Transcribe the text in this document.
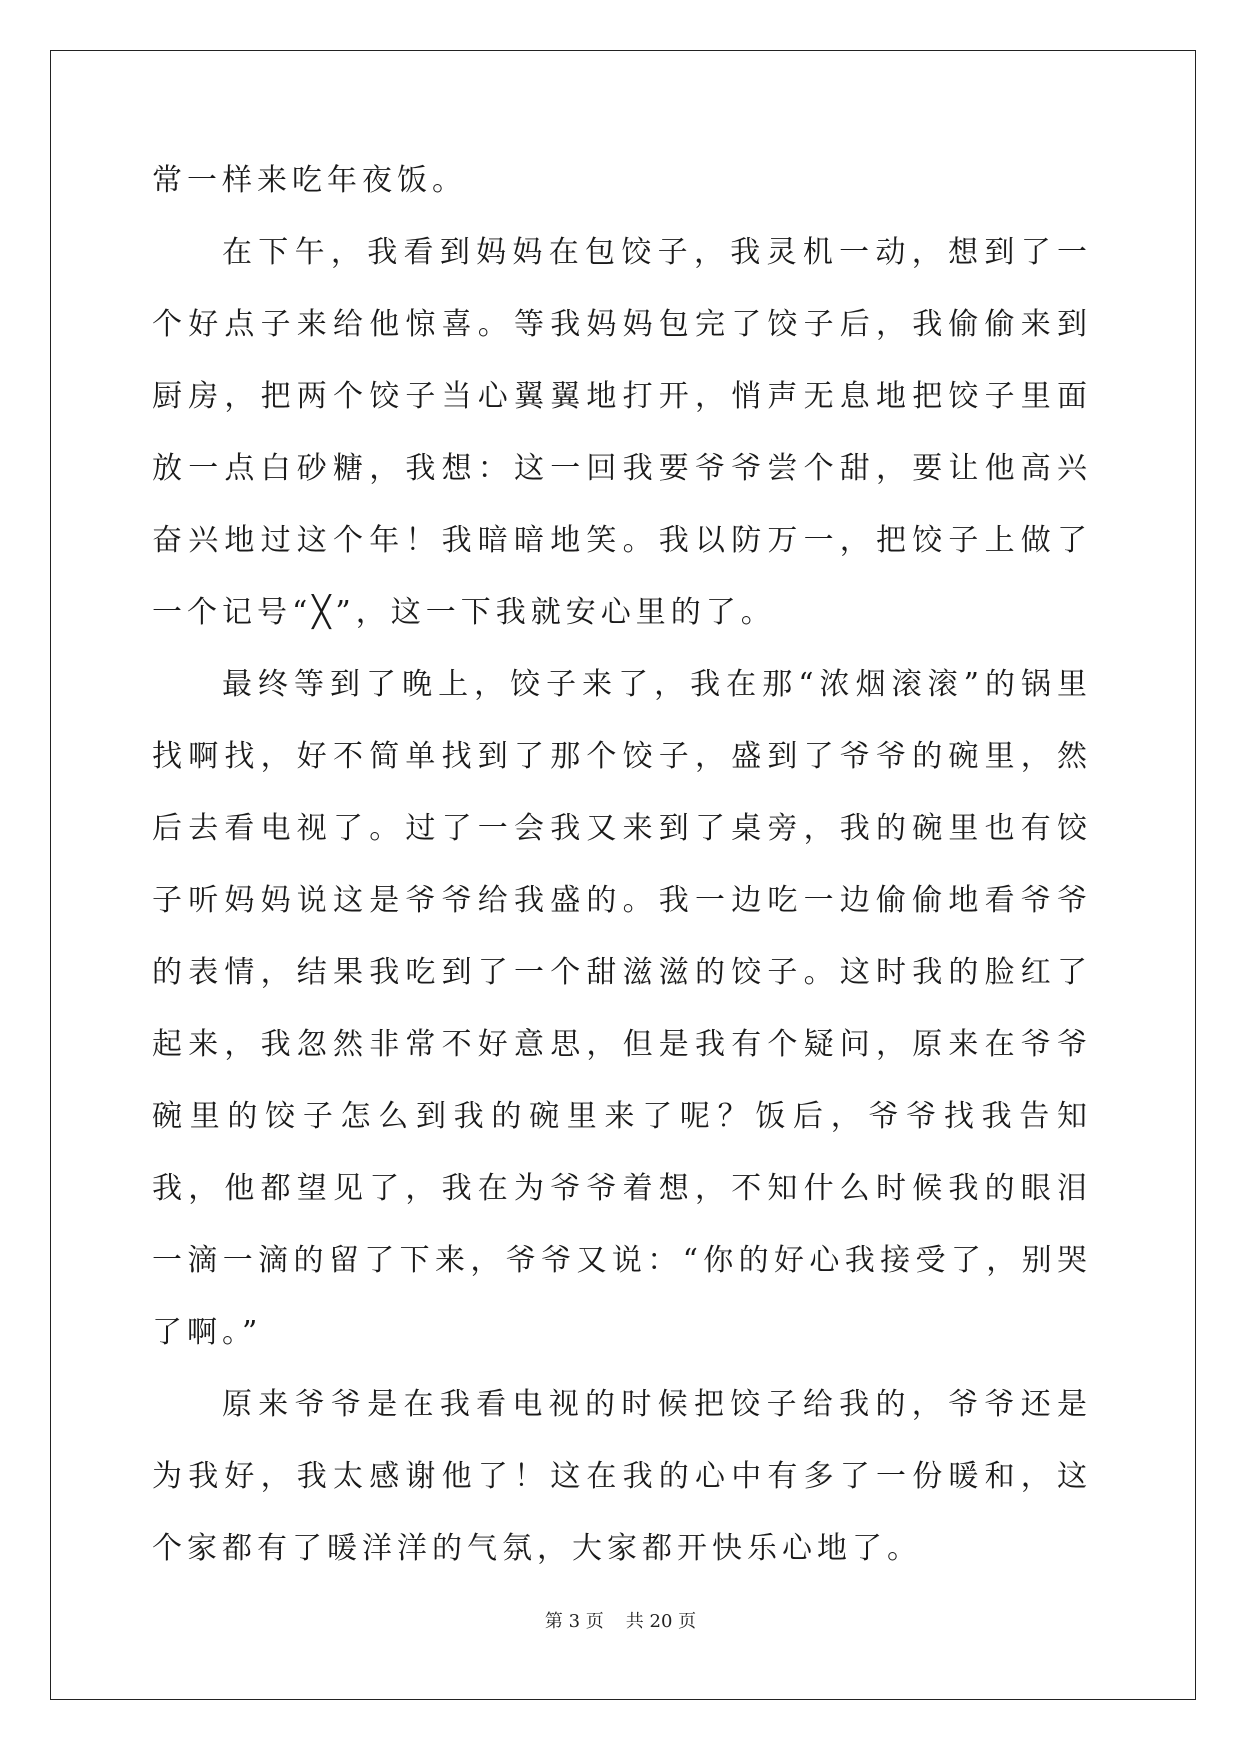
常一样来吃年夜饭。

在下午，我看到妈妈在包饺子，我灵机一动，想到了一个好点子来给他惊喜。等我妈妈包完了饺子后，我偷偷来到厨房，把两个饺子当心翼翼地打开，悄声无息地把饺子里面放一点白砂糖，我想：这一回我要爷爷尝个甜，要让他高兴奋兴地过这个年！我暗暗地笑。我以防万一，把饺子上做了一个记号“╳”，这一下我就安心里的了。

最终等到了晚上，饺子来了，我在那“浓烟滚滚”的锅里找啊找，好不简单找到了那个饺子，盛到了爷爷的碗里，然后去看电视了。过了一会我又来到了桌旁，我的碗里也有饺子听妈妈说这是爷爷给我盛的。我一边吃一边偷偷地看爷爷的表情，结果我吃到了一个甜滋滋的饺子。这时我的脸红了起来，我忽然非常不好意思，但是我有个疑问，原来在爷爷碗里的饺子怎么到我的碗里来了呢？饭后，爷爷找我告知我，他都望见了，我在为爷爷着想，不知什么时候我的眼泪一滴一滴的留了下来，爷爷又说：“你的好心我接受了，别哭了啊。”

原来爷爷是在我看电视的时候把饺子给我的，爷爷还是为我好，我太感谢他了！这在我的心中有多了一份暖和，这个家都有了暖洋洋的气氛，大家都开快乐心地了。

第 3 页 共 20 页
